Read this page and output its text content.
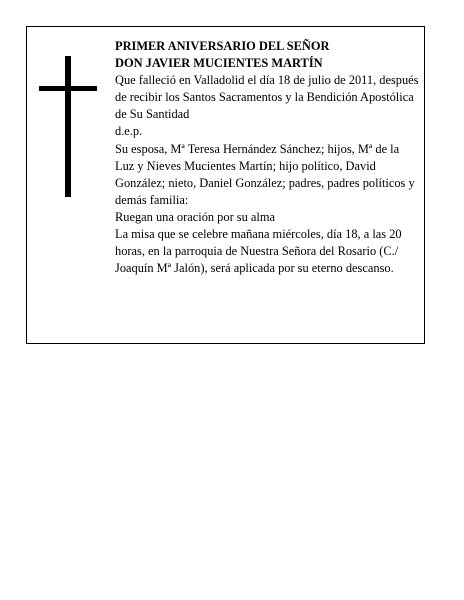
PRIMER ANIVERSARIO DEL SEÑOR

DON JAVIER MUCIENTES MARTÍN

Que falleció en Valladolid el día 18 de julio de 2011, después de recibir los Santos Sacramentos y la Bendición Apostólica de Su Santidad

d.e.p.

Su esposa, Mª Teresa Hernández Sánchez; hijos, Mª de la Luz y Nieves Mucientes Martín; hijo político, David González; nieto, Daniel González; padres, padres políticos y demás familia:

Ruegan una oración por su alma

La misa que se celebre mañana miércoles, día 18, a las 20 horas, en la parroquia de Nuestra Señora del Rosario (C./ Joaquín Mª Jalón), será aplicada por su eterno descanso.
